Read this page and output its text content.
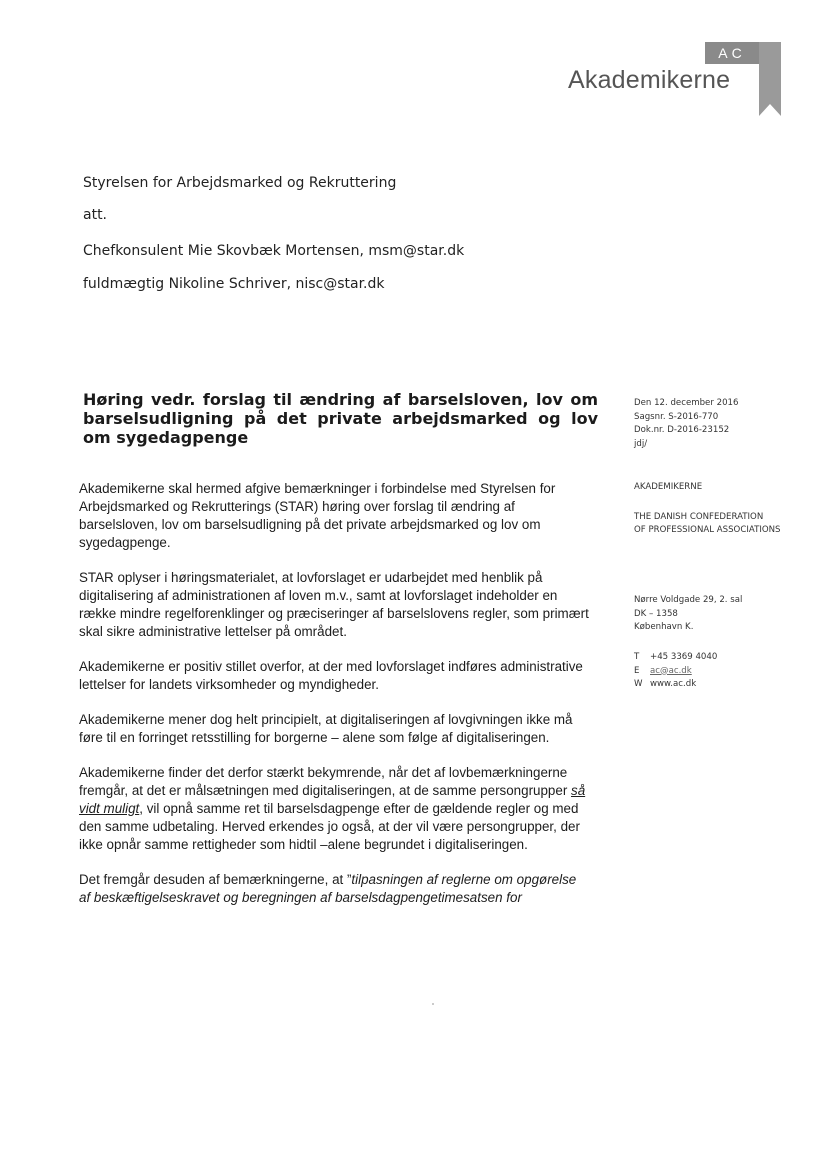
AC
Akademikerne
Styrelsen for Arbejdsmarked og Rekruttering
att.
Chefkonsulent Mie Skovbæk Mortensen, msm@star.dk
fuldmægtig Nikoline Schriver, nisc@star.dk
Høring vedr. forslag til ændring af barselsloven, lov om barselsudligning på det private arbejdsmarked og lov om sygedagpenge
Den 12. december 2016
Sagsnr. S-2016-770
Dok.nr. D-2016-23152
jdj/
AKADEMIKERNE
THE DANISH CONFEDERATION
OF PROFESSIONAL ASSOCIATIONS
Nørre Voldgade 29, 2. sal
DK – 1358
København K.
T +45 3369 4040
E ac@ac.dk
W www.ac.dk

Akademikerne skal hermed afgive bemærkninger i forbindelse med Styrelsen for Arbejdsmarked og Rekrutterings (STAR) høring over forslag til ændring af barselsloven, lov om barselsudligning på det private arbejdsmarked og lov om sygedagpenge.

STAR oplyser i høringsmaterialet, at lovforslaget er udarbejdet med henblik på digitalisering af administrationen af loven m.v., samt at lovforslaget indeholder en række mindre regelforenklinger og præciseringer af barselslovens regler, som primært skal sikre administrative lettelser på området.

Akademikerne er positiv stillet overfor, at der med lovforslaget indføres administrative lettelser for landets virksomheder og myndigheder.

Akademikerne mener dog helt principielt, at digitaliseringen af lovgivningen ikke må føre til en forringet retsstilling for borgerne – alene som følge af digitaliseringen.

Akademikerne finder det derfor stærkt bekymrende, når det af lovbemærkningerne fremgår, at det er målsætningen med digitaliseringen, at de samme persongrupper så vidt muligt, vil opnå samme ret til barselsdagpenge efter de gældende regler og med den samme udbetaling. Herved erkendes jo også, at der vil være persongrupper, der ikke opnår samme rettigheder som hidtil –alene begrundet i digitaliseringen.

Det fremgår desuden af bemærkningerne, at ”tilpasningen af reglerne om opgørelse af beskæftigelseskravet og beregningen af barselsdagpengetimesatsen for
